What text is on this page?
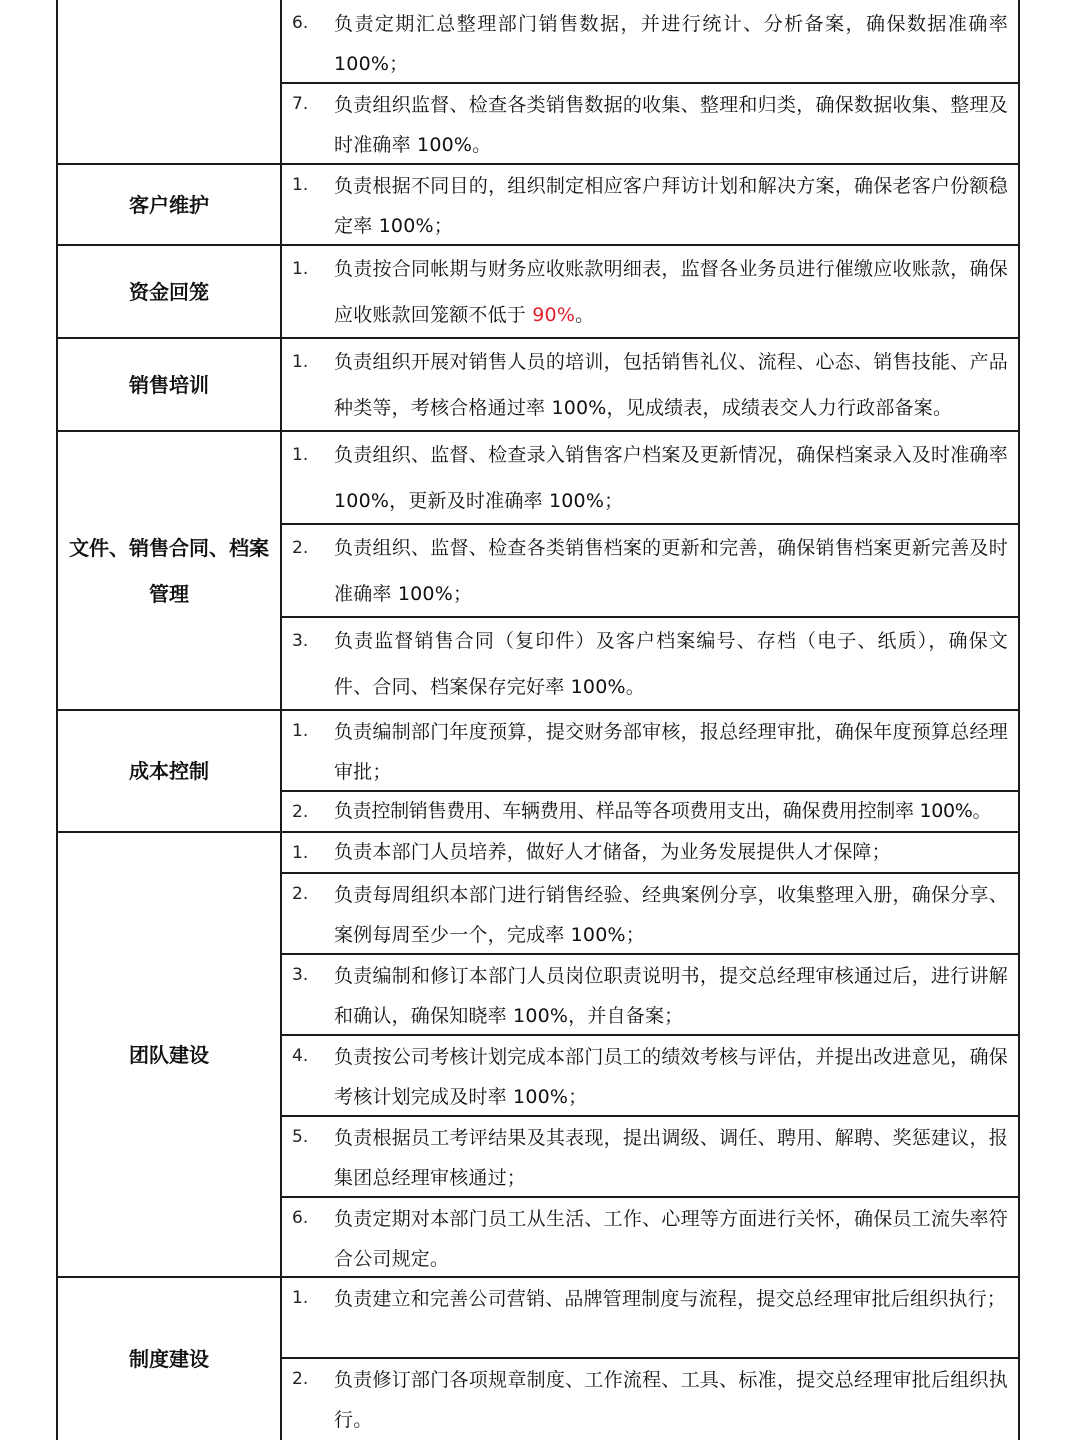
6. 负责定期汇总整理部门销售数据，并进行统计、分析备案，确保数据准确率100%；
7. 负责组织监督、检查各类销售数据的收集、整理和归类，确保数据收集、整理及时准确率 100%。
客户维护
1. 负责根据不同目的，组织制定相应客户拜访计划和解决方案，确保老客户份额稳定率 100%；
资金回笼
1. 负责按合同帐期与财务应收账款明细表，监督各业务员进行催缴应收账款，确保应收账款回笼额不低于 90%。
销售培训
1. 负责组织开展对销售人员的培训，包括销售礼仪、流程、心态、销售技能、产品种类等，考核合格通过率 100%，见成绩表，成绩表交人力行政部备案。
文件、销售合同、档案
管理
1. 负责组织、监督、检查录入销售客户档案及更新情况，确保档案录入及时准确率 100%，更新及时准确率 100%；
2. 负责组织、监督、检查各类销售档案的更新和完善，确保销售档案更新完善及时准确率 100%；
3. 负责监督销售合同（复印件）及客户档案编号、存档（电子、纸质），确保文件、合同、档案保存完好率 100%。
成本控制
1. 负责编制部门年度预算，提交财务部审核，报总经理审批，确保年度预算总经理审批；
2. 负责控制销售费用、车辆费用、样品等各项费用支出，确保费用控制率 100%。
团队建设
1. 负责本部门人员培养，做好人才储备，为业务发展提供人才保障；
2. 负责每周组织本部门进行销售经验、经典案例分享，收集整理入册，确保分享、案例每周至少一个，完成率 100%；
3. 负责编制和修订本部门人员岗位职责说明书，提交总经理审核通过后，进行讲解和确认，确保知晓率 100%，并自备案；
4. 负责按公司考核计划完成本部门员工的绩效考核与评估，并提出改进意见，确保考核计划完成及时率 100%；
5. 负责根据员工考评结果及其表现，提出调级、调任、聘用、解聘、奖惩建议，报集团总经理审核通过；
6. 负责定期对本部门员工从生活、工作、心理等方面进行关怀，确保员工流失率符合公司规定。
制度建设
1. 负责建立和完善公司营销、品牌管理制度与流程，提交总经理审批后组织执行；
2. 负责修订部门各项规章制度、工作流程、工具、标准，提交总经理审批后组织执行。
